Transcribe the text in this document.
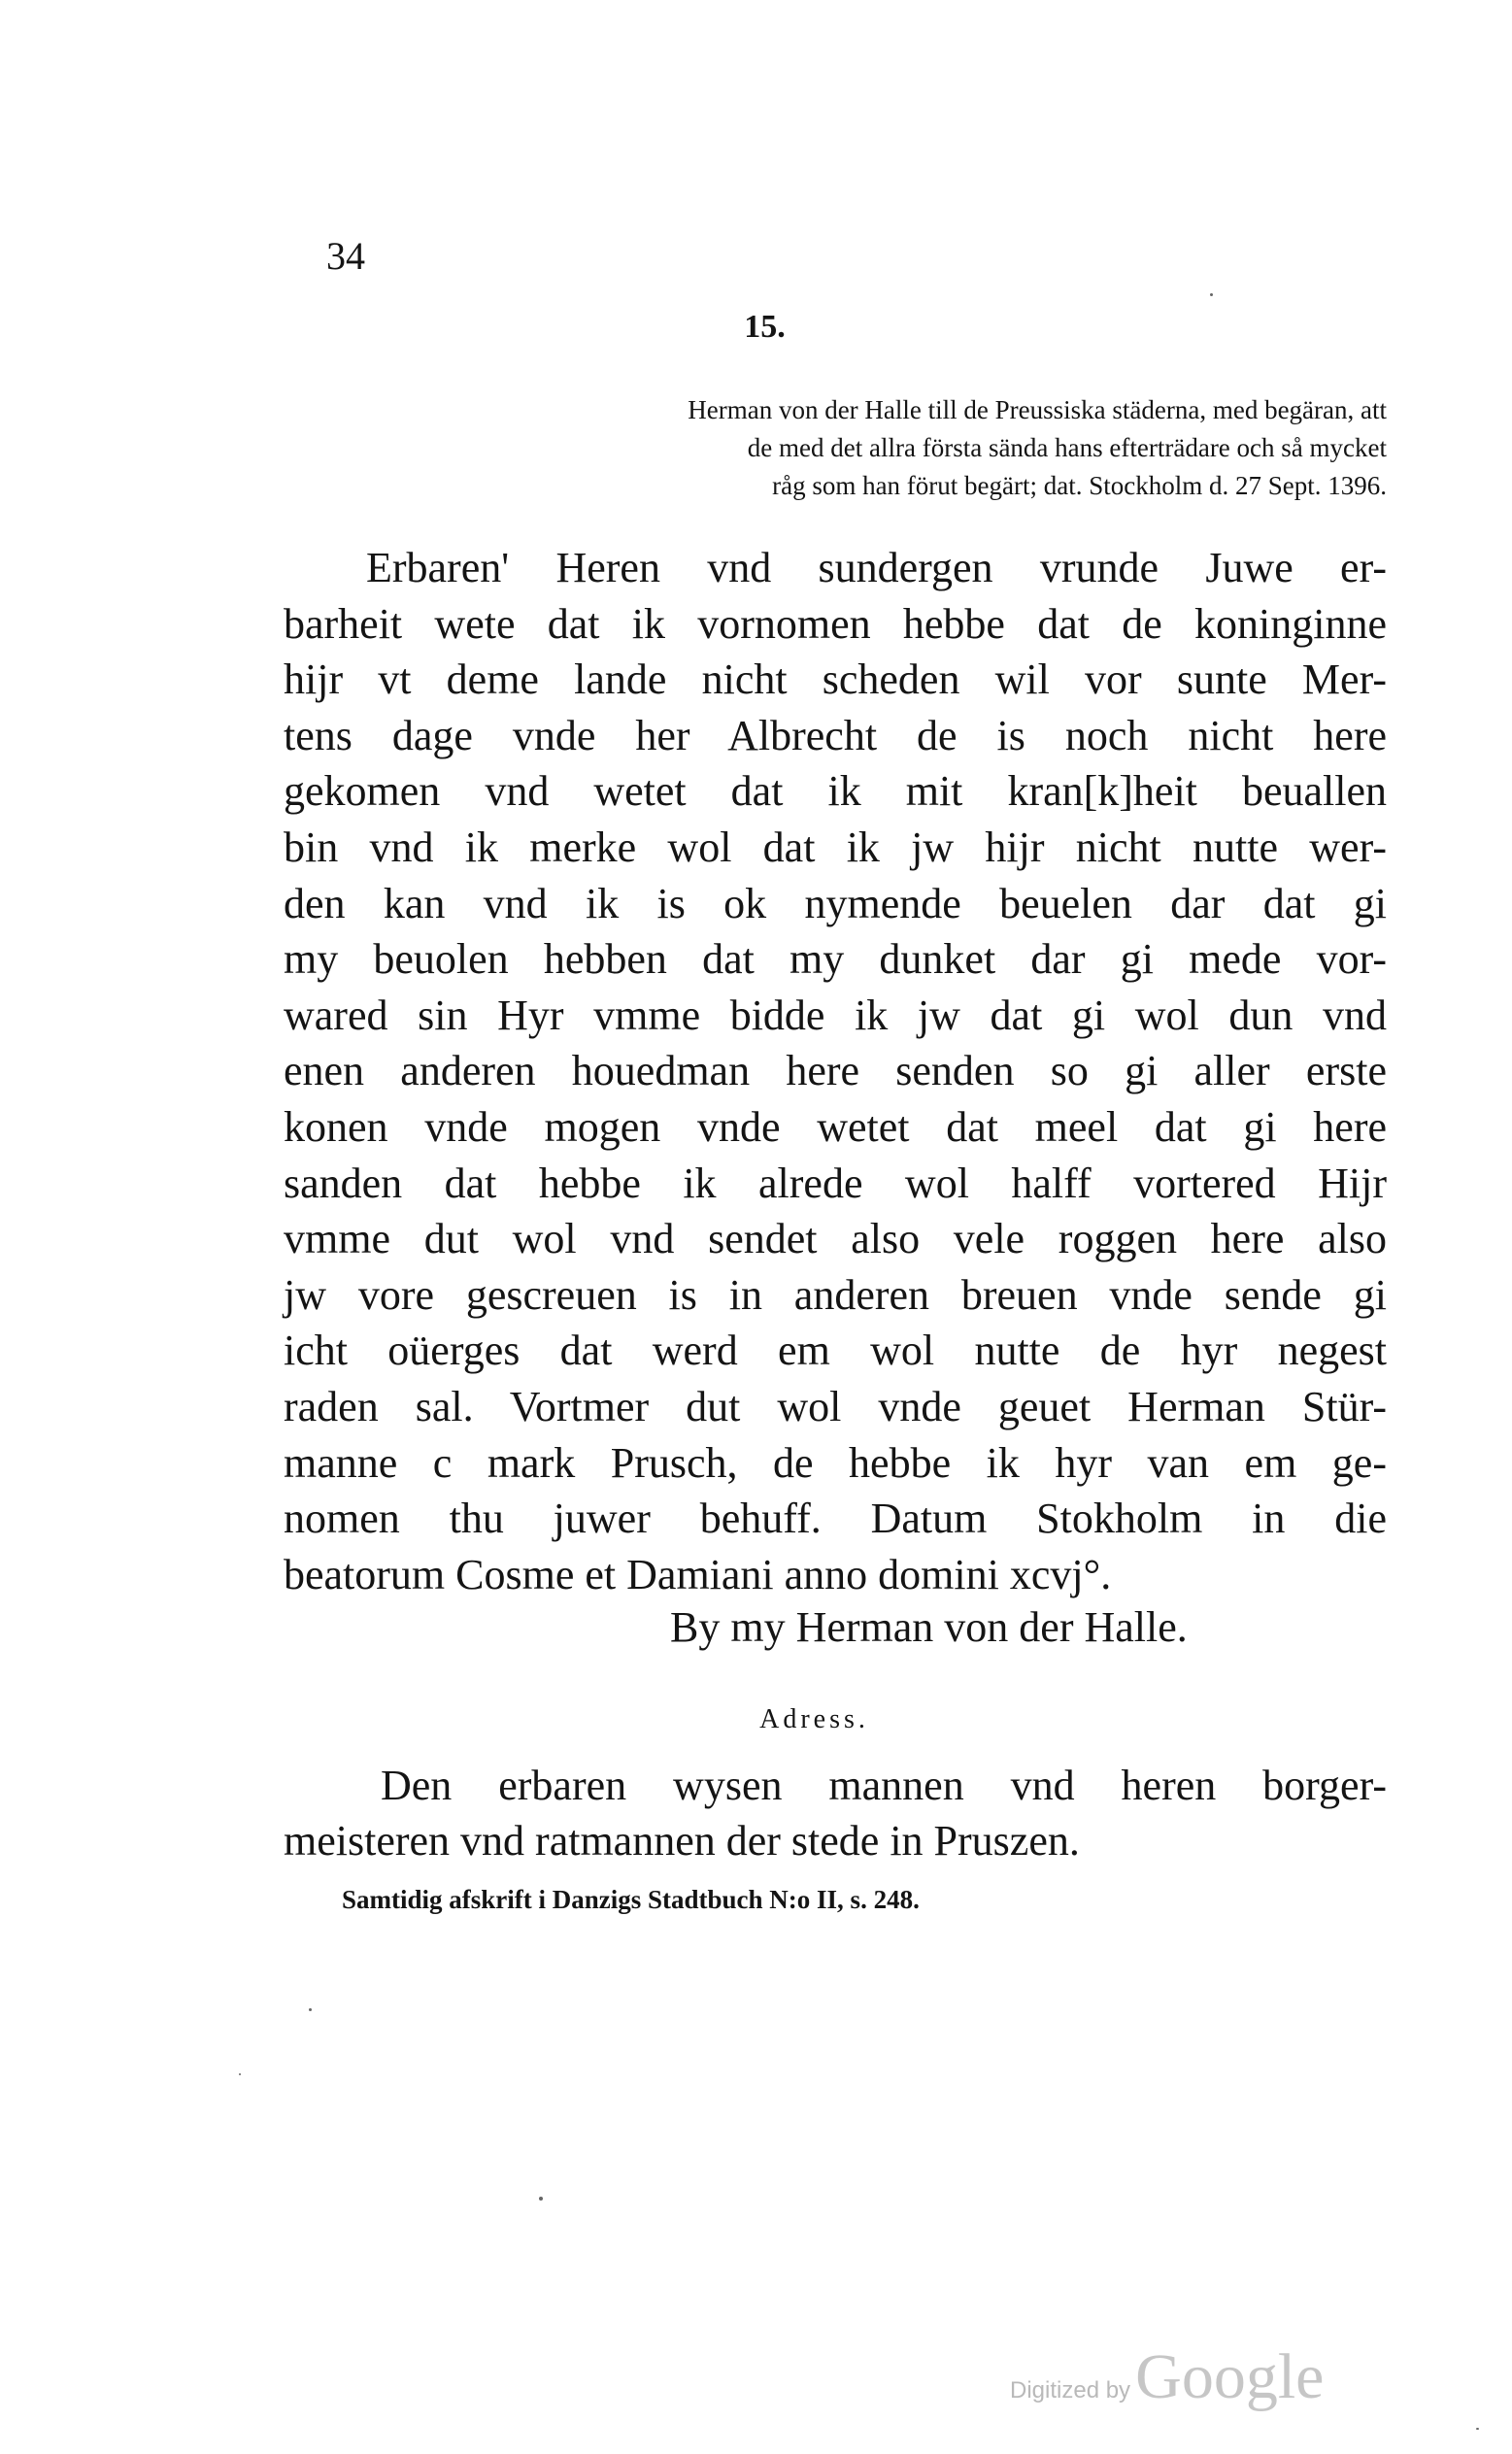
34
15.
Herman von der Halle till de Preussiska städerna, med begäran, att
de med det allra första sända hans efterträdare och så mycket
råg som han förut begärt; dat. Stockholm d. 27 Sept. 1396.
Erbaren' Heren vnd sundergen vrunde Juwe er-
barheit wete dat ik vornomen hebbe dat de koninginne
hijr vt deme lande nicht scheden wil vor sunte Mer-
tens dage vnde her Albrecht de is noch nicht here
gekomen vnd wetet dat ik mit kran[k]heit beuallen
bin vnd ik merke wol dat ik jw hijr nicht nutte wer-
den kan vnd ik is ok nymende beuelen dar dat gi
my beuolen hebben dat my dunket dar gi mede vor-
wared sin Hyr vmme bidde ik jw dat gi wol dun vnd
enen anderen houedman here senden so gi aller erste
konen vnde mogen vnde wetet dat meel dat gi here
sanden dat hebbe ik alrede wol halff vortered Hijr
vmme dut wol vnd sendet also vele roggen here also
jw vore gescreuen is in anderen breuen vnde sende gi
icht oüerges dat werd em wol nutte de hyr negest
raden sal. Vortmer dut wol vnde geuet Herman Stür-
manne c mark Prusch, de hebbe ik hyr van em ge-
nomen thu juwer behuff. Datum Stokholm in die
beatorum Cosme et Damiani anno domini xcvj°.
By my Herman von der Halle.
Adress.
Den erbaren wysen mannen vnd heren borger-
meisteren vnd ratmannen der stede in Pruszen.
Samtidig afskrift i Danzigs Stadtbuch N:o II, s. 248.
Digitized by Google
